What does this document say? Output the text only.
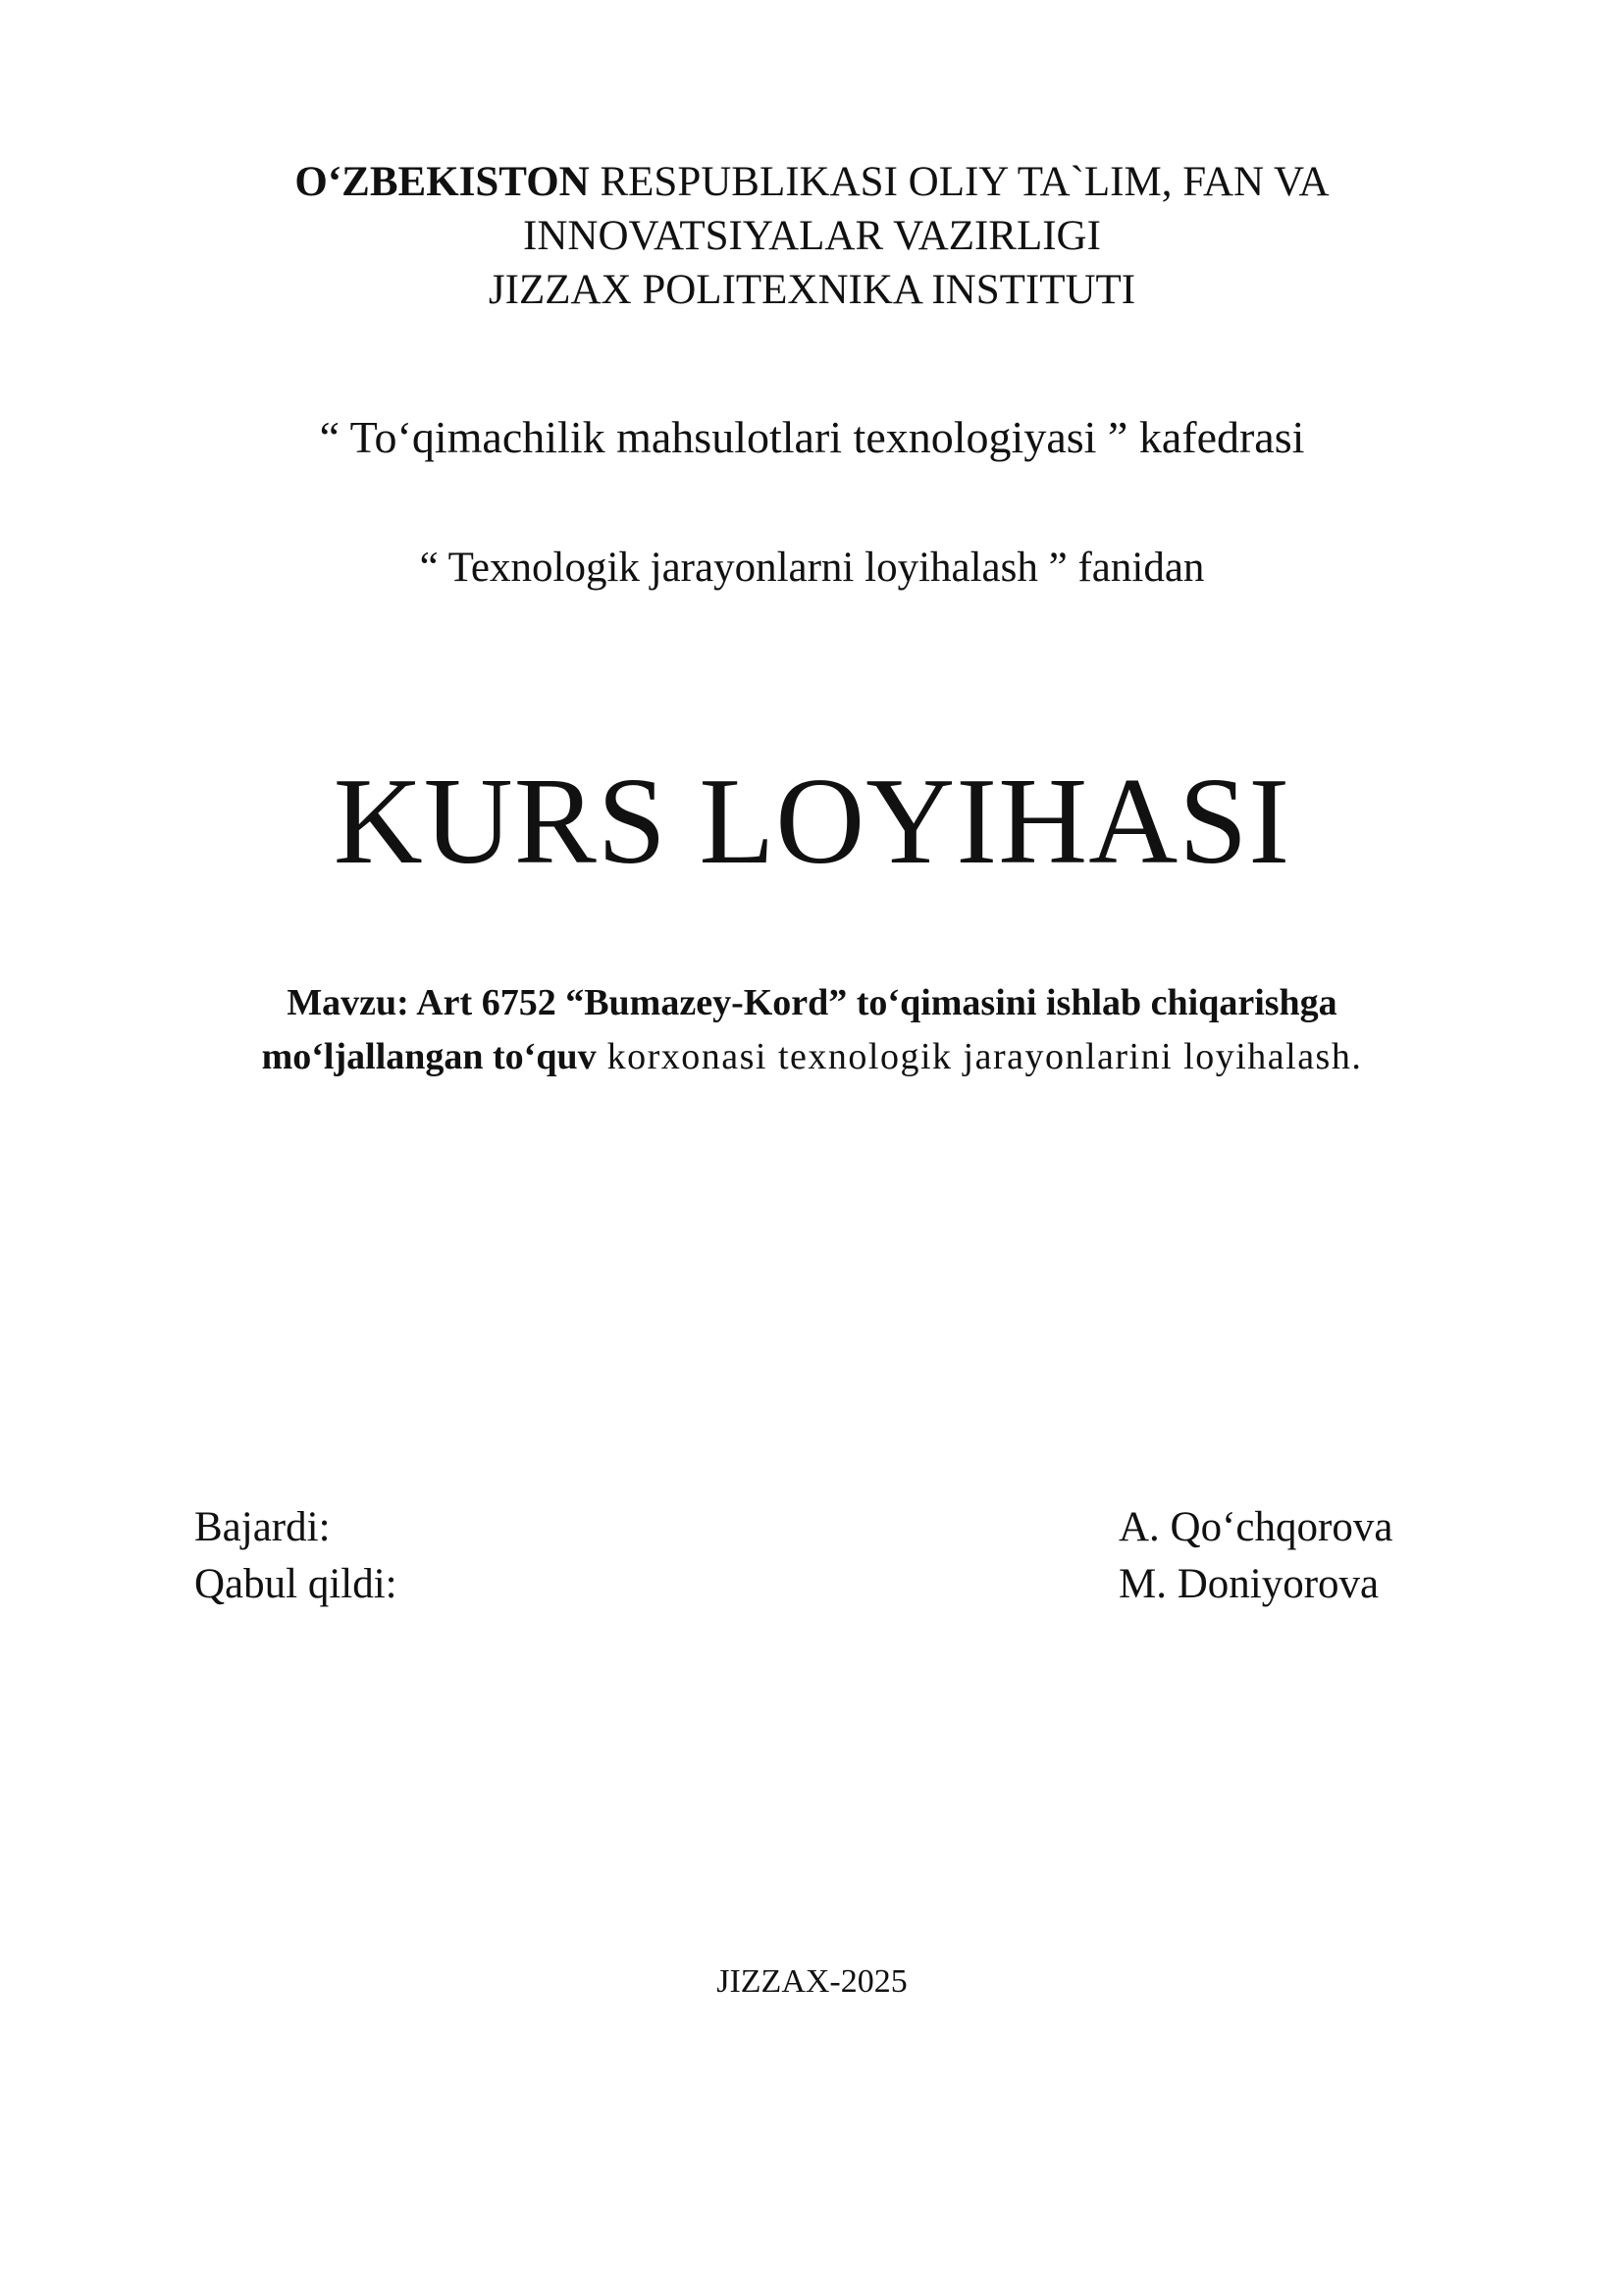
O‘ZBEKISTON RESPUBLIKASI OLIY TA`LIM, FAN VA
INNOVATSIYALAR VAZIRLIGI
JIZZAX POLITEXNIKA INSTITUTI
“ To‘qimachilik mahsulotlari texnologiyasi ” kafedrasi
“ Texnologik jarayonlarni loyihalash ” fanidan
KURS LOYIHASI
Mavzu: Art 6752 “Bumazey-Kord” to‘qimasini ishlab chiqarishga
mo‘ljallangan to‘quv korxonasi texnologik jarayonlarini loyihalash.
Bajardi:	A. Qo‘chqorova
Qabul qildi:	M. Doniyorova
JIZZAX-2025
